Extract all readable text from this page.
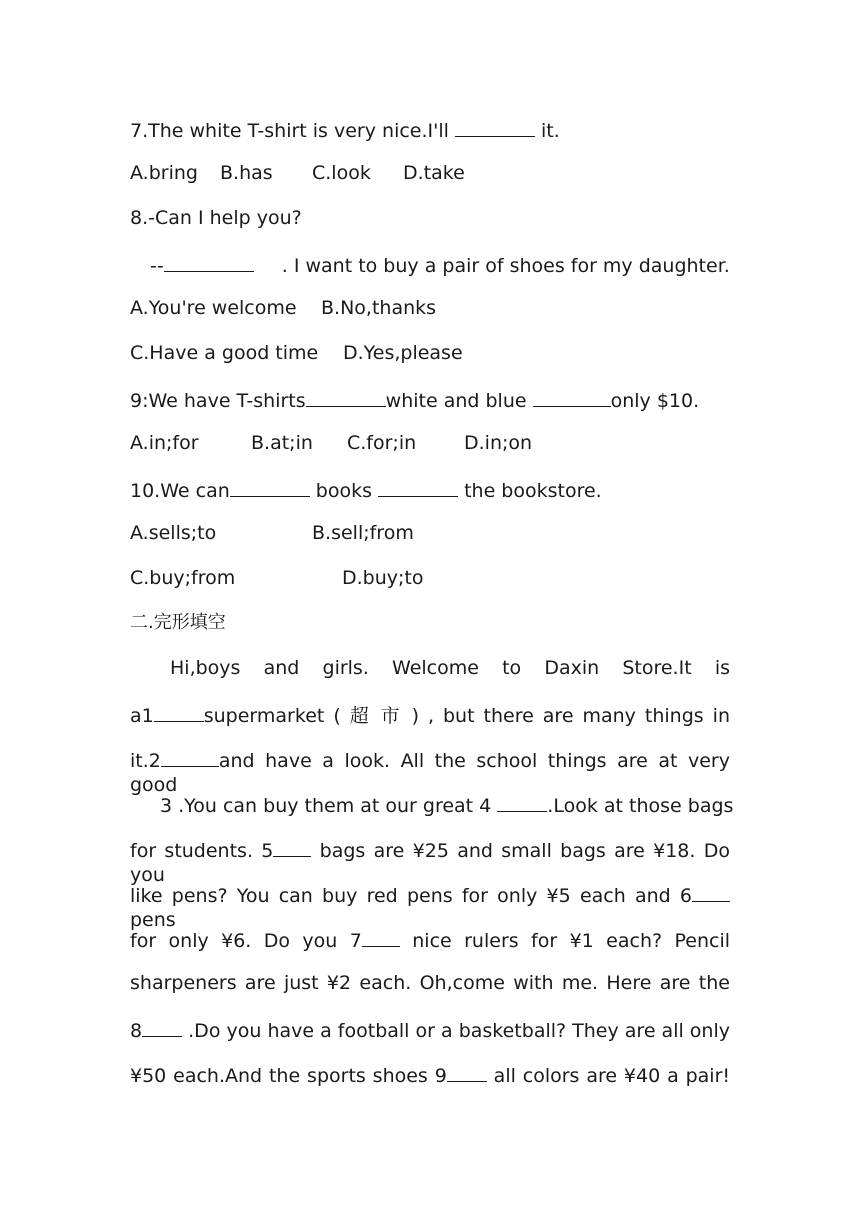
7.The white T-shirt is very nice.I'll	it.
A.bring B.has C.look D.take
8.-Can I help you?
--	. I want to buy a pair of shoes for my daughter.
A.You're welcome B.No,thanks
C.Have a good time D.Yes,please
9:We have T-shirts	white and blue	only $10.
A.in;for	B.at;in C.for;in	D.in;on
10.We can	books	the bookstore.
A.sells;to	B.sell;from
C.buy;from	D.buy;to
二.完形填空
Hi,boys and girls. Welcome to Daxin Store.It is
a1	supermarket ( 超 市 ) , but there are many things in
it.2	and have a look. All the school things are at very good
3 .You can buy them at our great 4	.Look at those bags
for students. 5 bags are ¥25 and small bags are ¥18. Do you
like pens? You can buy red pens for only ¥5 each and 6pens
for only ¥6. Do you 7 nice rulers for ¥1 each? Pencil
sharpeners are just ¥2 each. Oh,come with me. Here are the
8 .Do you have a football or a basketball? They are all only
¥50 each.And the sports shoes 9 all colors are ¥40 a pair!
